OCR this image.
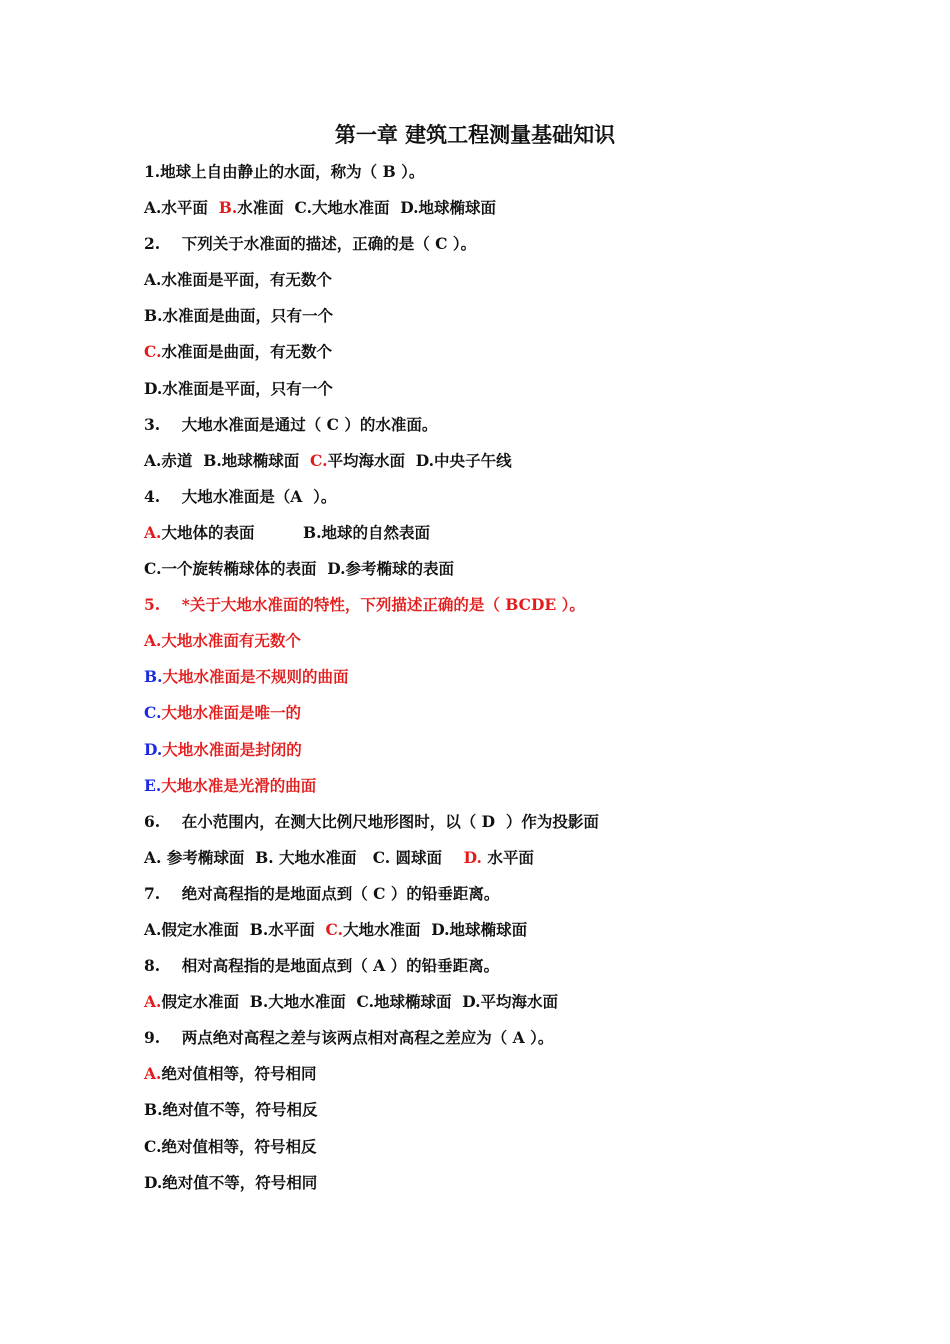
第一章 建筑工程测量基础知识
1.地球上自由静止的水面，称为（ B ）。
A.水平面  B.水准面  C.大地水准面  D.地球椭球面
2.    下列关于水准面的描述，正确的是（ C ）。
A.水准面是平面，有无数个
B.水准面是曲面，只有一个
C.水准面是曲面，有无数个
D.水准面是平面，只有一个
3.    大地水准面是通过（ C ）的水准面。
A.赤道  B.地球椭球面  C.平均海水面  D.中央子午线
4.    大地水准面是（A  ）。
A.大地体的表面         B.地球的自然表面
C.一个旋转椭球体的表面  D.参考椭球的表面
5.    *关于大地水准面的特性，下列描述正确的是（ BCDE ）。
A.大地水准面有无数个
B.大地水准面是不规则的曲面
C.大地水准面是唯一的
D.大地水准面是封闭的
E.大地水准是光滑的曲面
6.    在小范围内，在测大比例尺地形图时，以（ D  ）作为投影面
A. 参考椭球面  B. 大地水准面   C. 圆球面    D. 水平面
7.    绝对高程指的是地面点到（ C ）的铅垂距离。
A.假定水准面  B.水平面  C.大地水准面  D.地球椭球面
8.    相对高程指的是地面点到（ A ）的铅垂距离。
A.假定水准面  B.大地水准面  C.地球椭球面  D.平均海水面
9.    两点绝对高程之差与该两点相对高程之差应为（ A ）。
A.绝对值相等，符号相同
B.绝对值不等，符号相反
C.绝对值相等，符号相反
D.绝对值不等，符号相同
